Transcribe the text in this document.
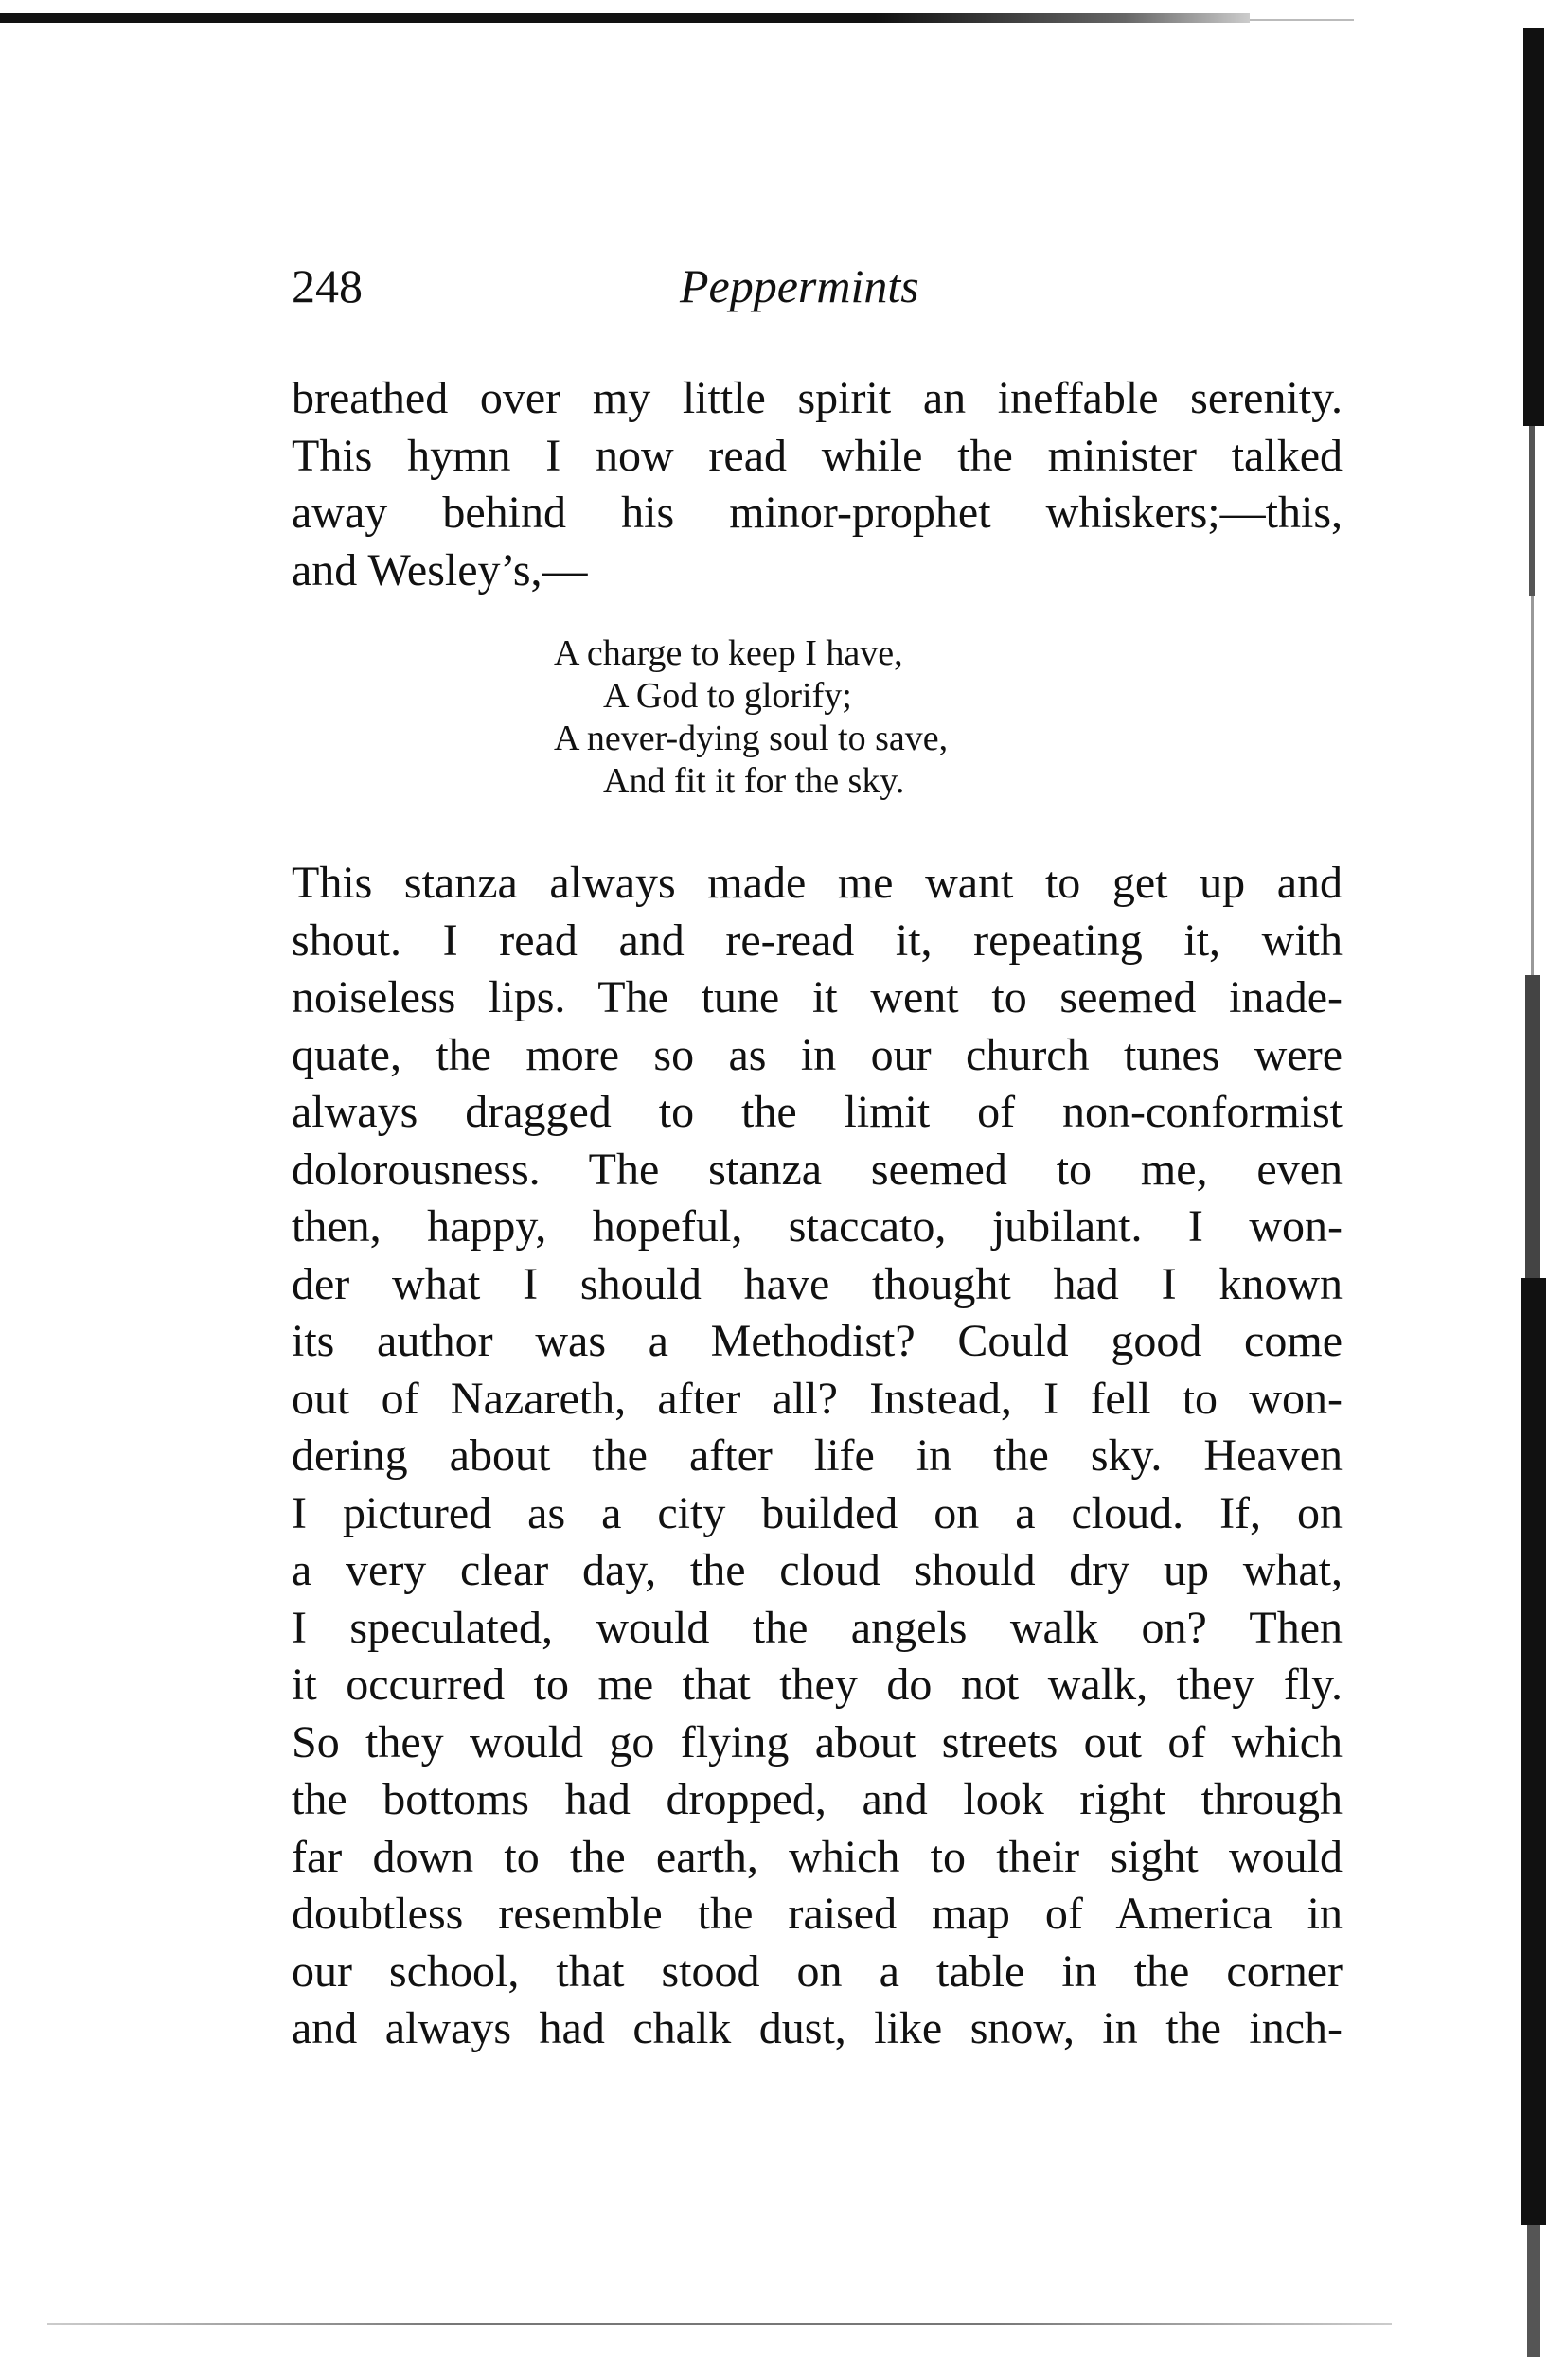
248	Peppermints
breathed over my little spirit an ineffable serenity.
This hymn I now read while the minister talked
away behind his minor-prophet whiskers;—this,
and Wesley’s,—
A charge to keep I have,
A God to glorify;
A never-dying soul to save,
And fit it for the sky.
This stanza always made me want to get up and
shout. I read and re-read it, repeating it, with
noiseless lips. The tune it went to seemed inade-
quate, the more so as in our church tunes were
always dragged to the limit of non-conformist
dolorousness. The stanza seemed to me, even
then, happy, hopeful, staccato, jubilant. I won-
der what I should have thought had I known
its author was a Methodist? Could good come
out of Nazareth, after all? Instead, I fell to won-
dering about the after life in the sky. Heaven
I pictured as a city builded on a cloud. If, on
a very clear day, the cloud should dry up what,
I speculated, would the angels walk on? Then
it occurred to me that they do not walk, they fly.
So they would go flying about streets out of which
the bottoms had dropped, and look right through
far down to the earth, which to their sight would
doubtless resemble the raised map of America in
our school, that stood on a table in the corner
and always had chalk dust, like snow, in the inch-
